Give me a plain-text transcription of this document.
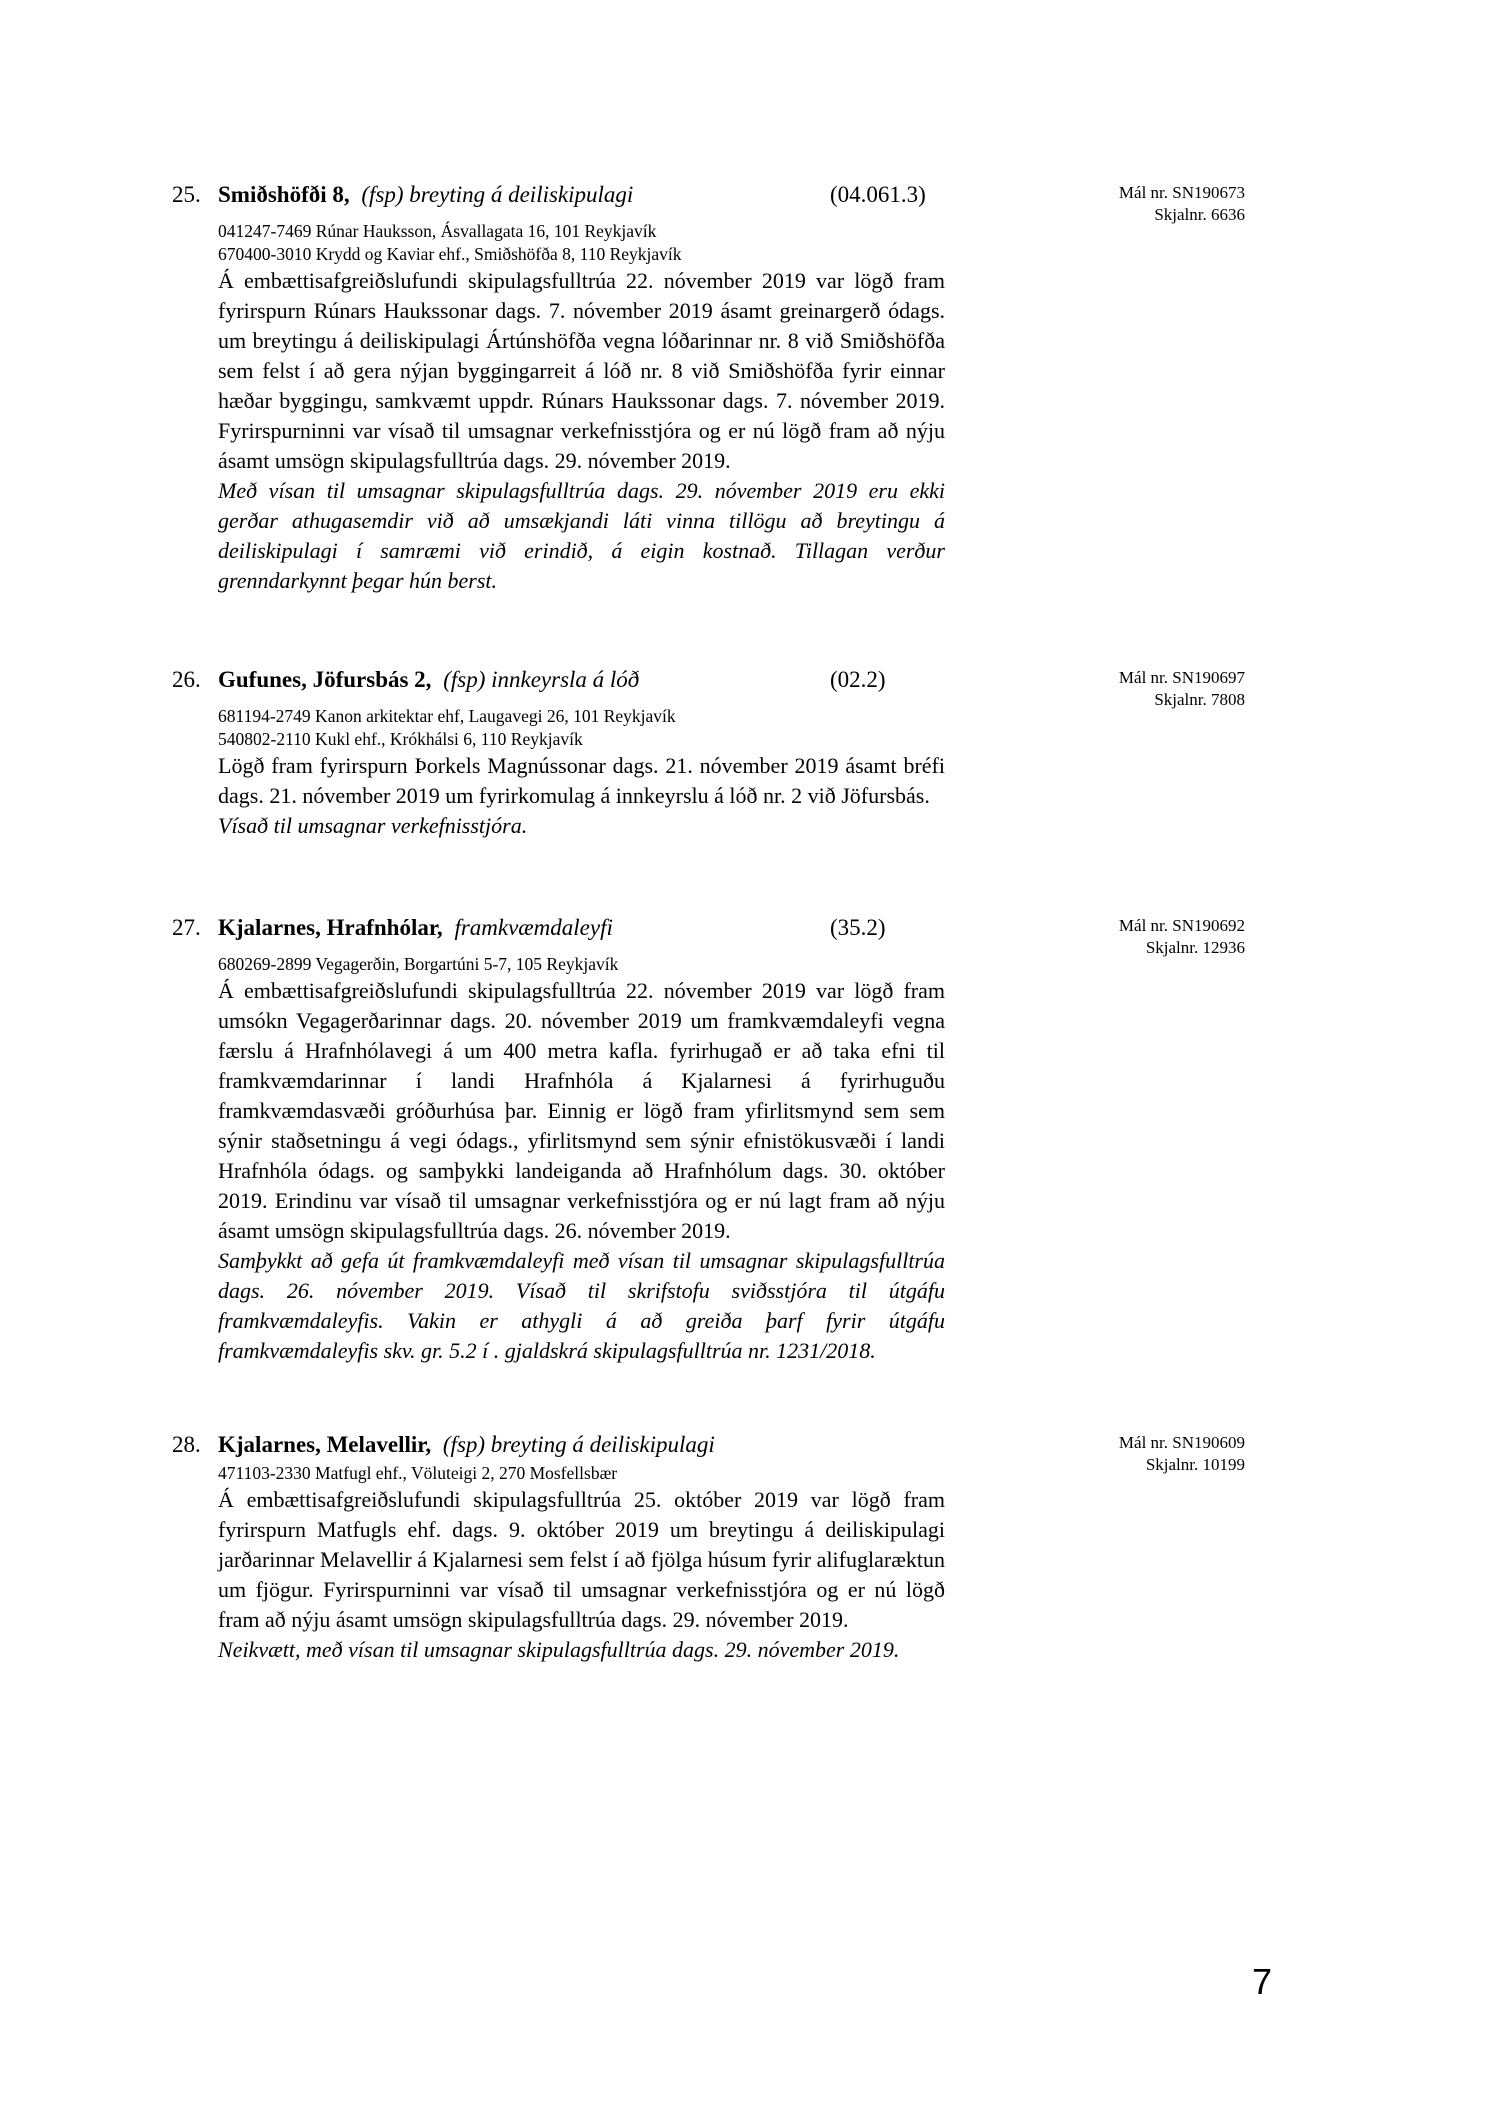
25. Smiðshöfði 8, (fsp) breyting á deiliskipulagi	(04.061.3)	Mál nr. SN190673
Skjalnr. 6636
041247-7469 Rúnar Hauksson, Ásvallagata 16, 101 Reykjavík
670400-3010 Krydd og Kaviar ehf., Smiðshöfða 8, 110 Reykjavík
Á embættisafgreiðslufundi skipulagsfulltrúa 22. nóvember 2019 var lögð fram fyrirspurn Rúnars Haukssonar dags. 7. nóvember 2019 ásamt greinargerð ódags. um breytingu á deiliskipulagi Ártúnshöfða vegna lóðarinnar nr. 8 við Smiðshöfða sem felst í að gera nýjan byggingarreit á lóð nr. 8 við Smiðshöfða fyrir einnar hæðar byggingu, samkvæmt uppdr. Rúnars Haukssonar dags. 7. nóvember 2019. Fyrirspurninni var vísað til umsagnar verkefnisstjóra og er nú lögð fram að nýju ásamt umsögn skipulagsfulltrúa dags. 29. nóvember 2019.
Með vísan til umsagnar skipulagsfulltrúa dags. 29. nóvember 2019 eru ekki gerðar athugasemdir við að umsækjandi láti vinna tillögu að breytingu á deiliskipulagi í samræmi við erindið, á eigin kostnað. Tillagan verður grenndarkynnt þegar hún berst.
26. Gufunes, Jöfursbás 2, (fsp) innkeyrsla á lóð	(02.2)	Mál nr. SN190697
Skjalnr. 7808
681194-2749 Kanon arkitektar ehf, Laugavegi 26, 101 Reykjavík
540802-2110 Kukl ehf., Krókhálsi 6, 110 Reykjavík
Lögð fram fyrirspurn Þorkels Magnússonar dags. 21. nóvember 2019 ásamt bréfi dags. 21. nóvember 2019 um fyrirkomulag á innkeyrslu á lóð nr. 2 við Jöfursbás.
Vísað til umsagnar verkefnisstjóra.
27. Kjalarnes, Hrafnhólar, framkvæmdaleyfi	(35.2)	Mál nr. SN190692
Skjalnr. 12936
680269-2899 Vegagerðin, Borgartúni 5-7, 105 Reykjavík
Á embættisafgreiðslufundi skipulagsfulltrúa 22. nóvember 2019 var lögð fram umsókn Vegagerðarinnar dags. 20. nóvember 2019 um framkvæmdaleyfi vegna færslu á Hrafnhólavegi á um 400 metra kafla. fyrirhugað er að taka efni til framkvæmdarinnar í landi Hrafnhóla á Kjalarnesi á fyrirhuguðu framkvæmdasvæði gróðurhúsa þar. Einnig er lögð fram yfirlitsmynd sem sem sýnir staðsetningu á vegi ódags., yfirlitsmynd sem sýnir efnistökusvæði í landi Hrafnhóla ódags. og samþykki landeiganda að Hrafnhólum dags. 30. október 2019. Erindinu var vísað til umsagnar verkefnisstjóra og er nú lagt fram að nýju ásamt umsögn skipulagsfulltrúa dags. 26. nóvember 2019.
Samþykkt að gefa út framkvæmdaleyfi með vísan til umsagnar skipulagsfulltrúa dags. 26. nóvember 2019. Vísað til skrifstofu sviðsstjóra til útgáfu framkvæmdaleyfis. Vakin er athygli á að greiða þarf fyrir útgáfu framkvæmdaleyfis skv. gr. 5.2 í . gjaldskrá skipulagsfulltrúa nr. 1231/2018.
28. Kjalarnes, Melavellir, (fsp) breyting á deiliskipulagi	Mál nr. SN190609
Skjalnr. 10199
471103-2330 Matfugl ehf., Völuteigi 2, 270 Mosfellsbær
Á embættisafgreiðslufundi skipulagsfulltrúa 25. október 2019 var lögð fram fyrirspurn Matfugls ehf. dags. 9. október 2019 um breytingu á deiliskipulagi jarðarinnar Melavellir á Kjalarnesi sem felst í að fjölga húsum fyrir alifuglaræktun um fjögur. Fyrirspurninni var vísað til umsagnar verkefnisstjóra og er nú lögð fram að nýju ásamt umsögn skipulagsfulltrúa dags. 29. nóvember 2019.
Neikvætt, með vísan til umsagnar skipulagsfulltrúa dags. 29. nóvember 2019.
7
